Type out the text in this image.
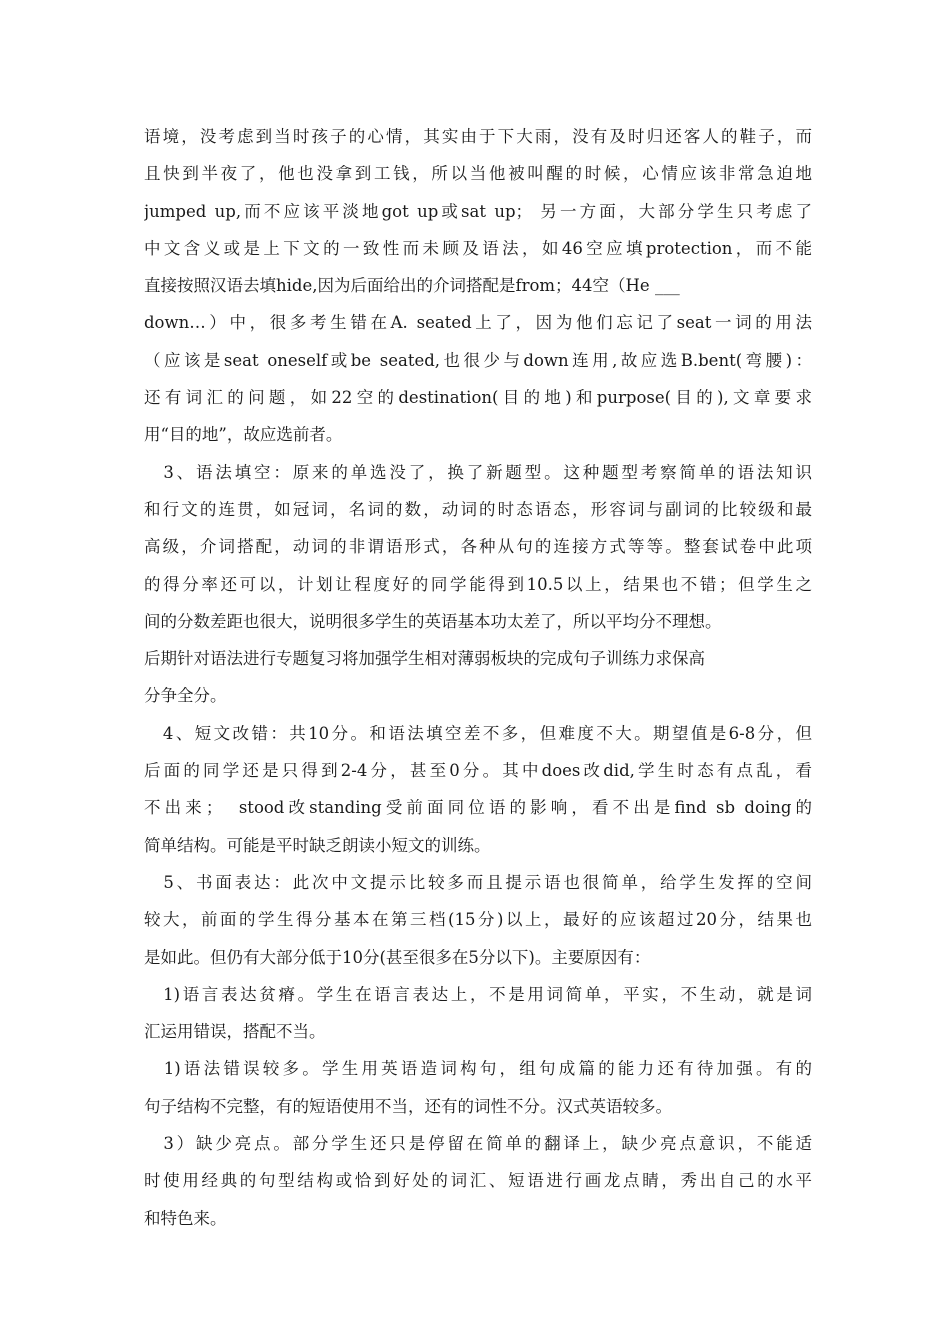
语境，没考虑到当时孩子的心情，其实由于下大雨，没有及时归还客人的鞋子，而
且快到半夜了，他也没拿到工钱，所以当他被叫醒的时候，心情应该非常急迫地
jumped up,而不应该平淡地got up或sat up； 另一方面，大部分学生只考虑了
中文含义或是上下文的一致性而未顾及语法，如46空应填protection，而不能
直接按照汉语去填hide,因为后面给出的介词搭配是from；44空（He ___
down…）中，很多考生错在A. seated上了，因为他们忘记了seat一词的用法
（应该是seat oneself或be seated,也很少与down连用,故应选B.bent(弯腰)：
还有词汇的问题，如22空的destination(目的地)和purpose(目的),文章要求
用“目的地”，故应选前者。
　3、语法填空：原来的单选没了，换了新题型。这种题型考察简单的语法知识
和行文的连贯，如冠词，名词的数，动词的时态语态，形容词与副词的比较级和最
高级，介词搭配，动词的非谓语形式，各种从句的连接方式等等。整套试卷中此项
的得分率还可以，计划让程度好的同学能得到10.5以上，结果也不错；但学生之
间的分数差距也很大，说明很多学生的英语基本功太差了，所以平均分不理想。
后期针对语法进行专题复习将加强学生相对薄弱板块的完成句子训练力求保高
分争全分。
　4、短文改错：共10分。和语法填空差不多，但难度不大。期望值是6-8分，但
后面的同学还是只得到2-4分，甚至0分。其中does改did,学生时态有点乱，看
不出来；　stood改standing受前面同位语的影响，看不出是find sb doing的
简单结构。可能是平时缺乏朗读小短文的训练。
　5、书面表达：此次中文提示比较多而且提示语也很简单，给学生发挥的空间
较大，前面的学生得分基本在第三档(15分)以上，最好的应该超过20分，结果也
是如此。但仍有大部分低于10分(甚至很多在5分以下)。主要原因有：
　1)语言表达贫瘠。学生在语言表达上，不是用词简单，平实，不生动，就是词
汇运用错误，搭配不当。
　1)语法错误较多。学生用英语造词构句，组句成篇的能力还有待加强。有的
句子结构不完整，有的短语使用不当，还有的词性不分。汉式英语较多。
　3）缺少亮点。部分学生还只是停留在简单的翻译上，缺少亮点意识，不能适
时使用经典的句型结构或恰到好处的词汇、短语进行画龙点睛，秀出自己的水平
和特色来。
